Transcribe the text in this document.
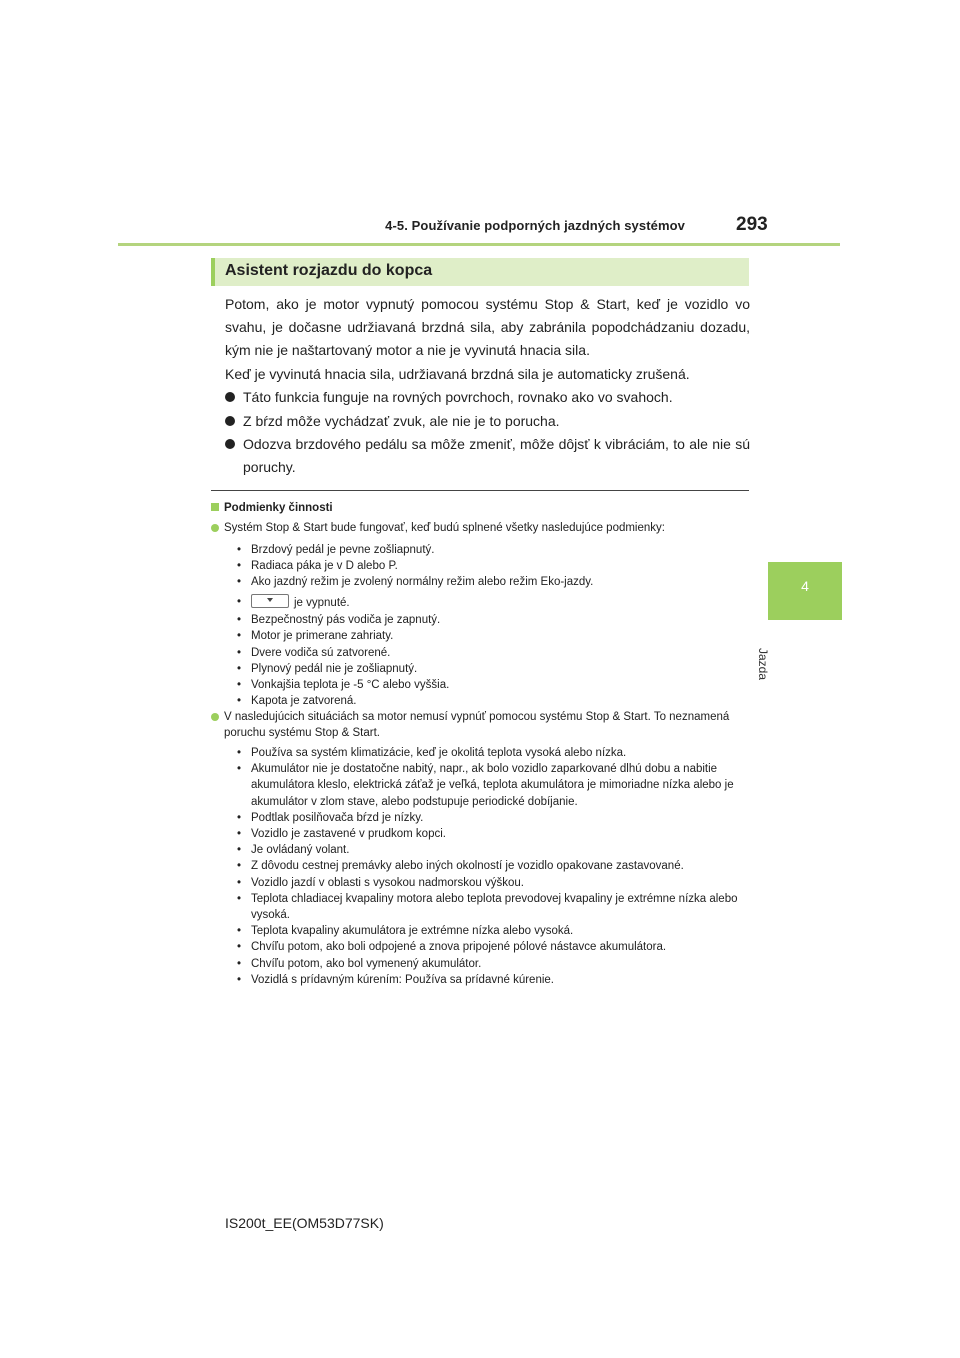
4-5. Používanie podporných jazdných systémov	293
4
Jazda
Asistent rozjazdu do kopca
Potom, ako je motor vypnutý pomocou systému Stop & Start, keď je vozidlo vo svahu, je dočasne udržiavaná brzdná sila, aby zabránila popodchádzaniu dozadu, kým nie je naštartovaný motor a nie je vyvinutá hnacia sila.
Keď je vyvinutá hnacia sila, udržiavaná brzdná sila je automaticky zrušená.
Táto funkcia funguje na rovných povrchoch, rovnako ako vo svahoch.
Z bŕzd môže vychádzať zvuk, ale nie je to porucha.
Odozva brzdového pedálu sa môže zmeniť, môže dôjsť k vibráciám, to ale nie sú poruchy.
Podmienky činnosti
Systém Stop & Start bude fungovať, keď budú splnené všetky nasledujúce podmienky:
• Brzdový pedál je pevne zošliapnutý.
• Radiaca páka je v D alebo P.
• Ako jazdný režim je zvolený normálny režim alebo režim Eko-jazdy.
• je vypnuté.
• Bezpečnostný pás vodiča je zapnutý.
• Motor je primerane zahriaty.
• Dvere vodiča sú zatvorené.
• Plynový pedál nie je zošliapnutý.
• Vonkajšia teplota je -5 °C alebo vyššia.
• Kapota je zatvorená.
V nasledujúcich situáciách sa motor nemusí vypnúť pomocou systému Stop & Start. To neznamená poruchu systému Stop & Start.
• Používa sa systém klimatizácie, keď je okolitá teplota vysoká alebo nízka.
• Akumulátor nie je dostatočne nabitý, napr., ak bolo vozidlo zaparkované dlhú dobu a nabitie akumulátora kleslo, elektrická záťaž je veľká, teplota akumulátora je mimoriadne nízka alebo je akumulátor v zlom stave, alebo podstupuje periodické dobíjanie.
• Podtlak posilňovača bŕzd je nízky.
• Vozidlo je zastavené v prudkom kopci.
• Je ovládaný volant.
• Z dôvodu cestnej premávky alebo iných okolností je vozidlo opakovane zastavované.
• Vozidlo jazdí v oblasti s vysokou nadmorskou výškou.
• Teplota chladiacej kvapaliny motora alebo teplota prevodovej kvapaliny je extrémne nízka alebo vysoká.
• Teplota kvapaliny akumulátora je extrémne nízka alebo vysoká.
• Chvíľu potom, ako boli odpojené a znova pripojené pólové nástavce akumulátora.
• Chvíľu potom, ako bol vymenený akumulátor.
• Vozidlá s prídavným kúrením: Používa sa prídavné kúrenie.
IS200t_EE(OM53D77SK)
